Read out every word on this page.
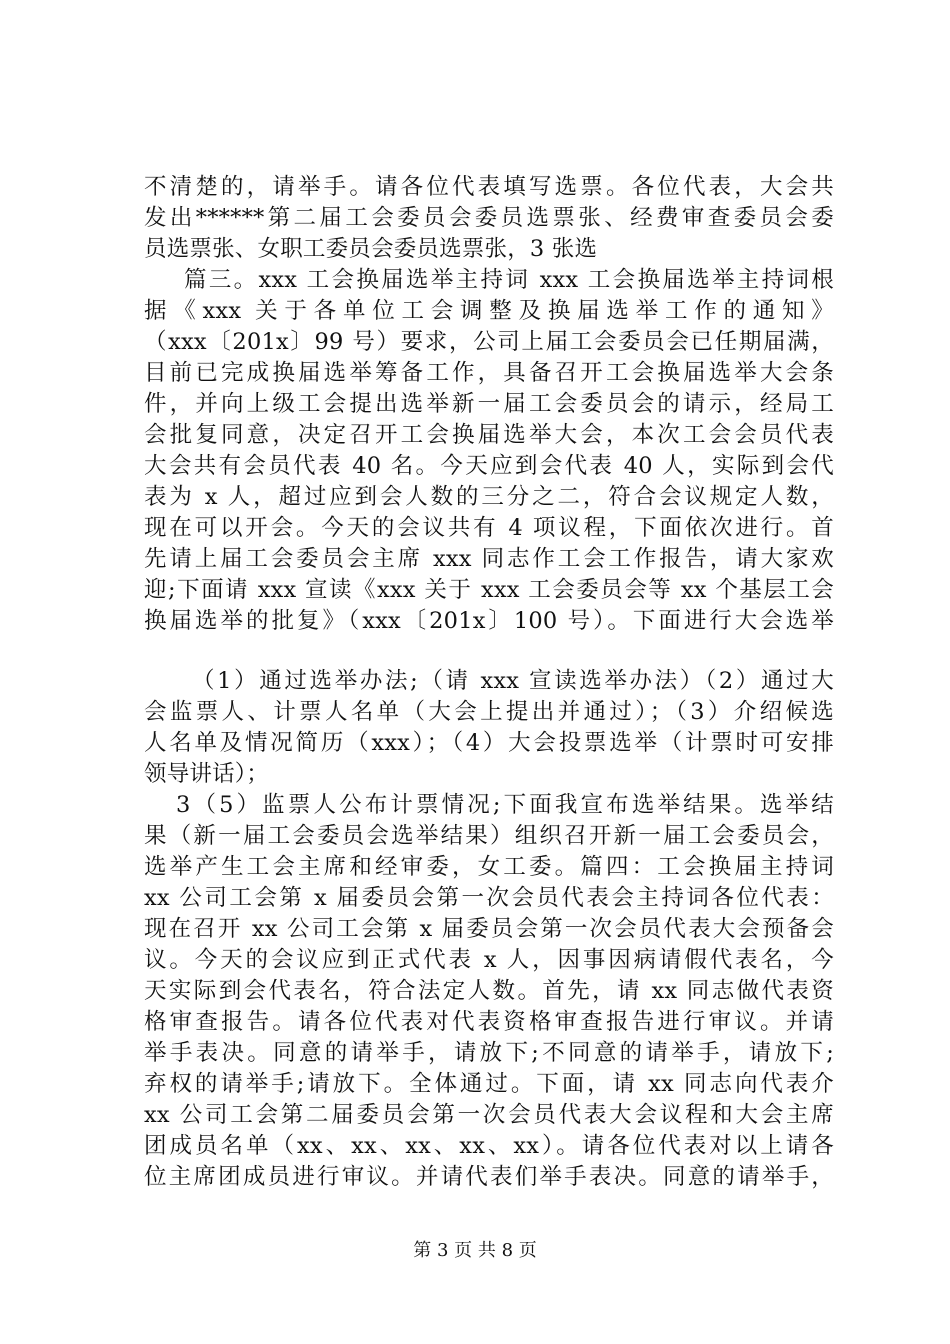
不清楚的，请举手。请各位代表填写选票。各位代表，大会共
发出******第二届工会委员会委员选票张、经费审查委员会委
员选票张、女职工委员会委员选票张，3 张选
篇三。xxx 工会换届选举主持词 xxx 工会换届选举主持词根
据《xxx 关于各单位工会调整及换届选举工作的通知》
（xxx〔201x〕99 号）要求，公司上届工会委员会已任期届满，
目前已完成换届选举筹备工作，具备召开工会换届选举大会条
件，并向上级工会提出选举新一届工会委员会的请示，经局工
会批复同意，决定召开工会换届选举大会，本次工会会员代表
大会共有会员代表 40 名。今天应到会代表 40 人，实际到会代
表为 x 人，超过应到会人数的三分之二，符合会议规定人数，
现在可以开会。今天的会议共有 4 项议程，下面依次进行。首
先请上届工会委员会主席 xxx 同志作工会工作报告，请大家欢
迎;下面请 xxx 宣读《xxx 关于 xxx 工会委员会等 xx 个基层工会
换届选举的批复》（xxx〔201x〕100 号）。下面进行大会选举
（1）通过选举办法;（请 xxx 宣读选举办法）（2）通过大
会监票人、计票人名单（大会上提出并通过）；（3）介绍候选
人名单及情况简历（xxx）；（4）大会投票选举（计票时可安排
领导讲话）；
3（5）监票人公布计票情况;下面我宣布选举结果。选举结
果（新一届工会委员会选举结果）组织召开新一届工会委员会，
选举产生工会主席和经审委，女工委。篇四：工会换届主持词
xx 公司工会第 x 届委员会第一次会员代表会主持词各位代表：
现在召开 xx 公司工会第 x 届委员会第一次会员代表大会预备会
议。今天的会议应到正式代表 x 人，因事因病请假代表名，今
天实际到会代表名，符合法定人数。首先，请 xx 同志做代表资
格审查报告。请各位代表对代表资格审查报告进行审议。并请
举手表决。同意的请举手，请放下;不同意的请举手，请放下;
弃权的请举手;请放下。全体通过。下面，请 xx 同志向代表介
xx 公司工会第二届委员会第一次会员代表大会议程和大会主席
团成员名单（xx、xx、xx、xx、xx）。请各位代表对以上请各
位主席团成员进行审议。并请代表们举手表决。同意的请举手，
第 3 页 共 8 页
